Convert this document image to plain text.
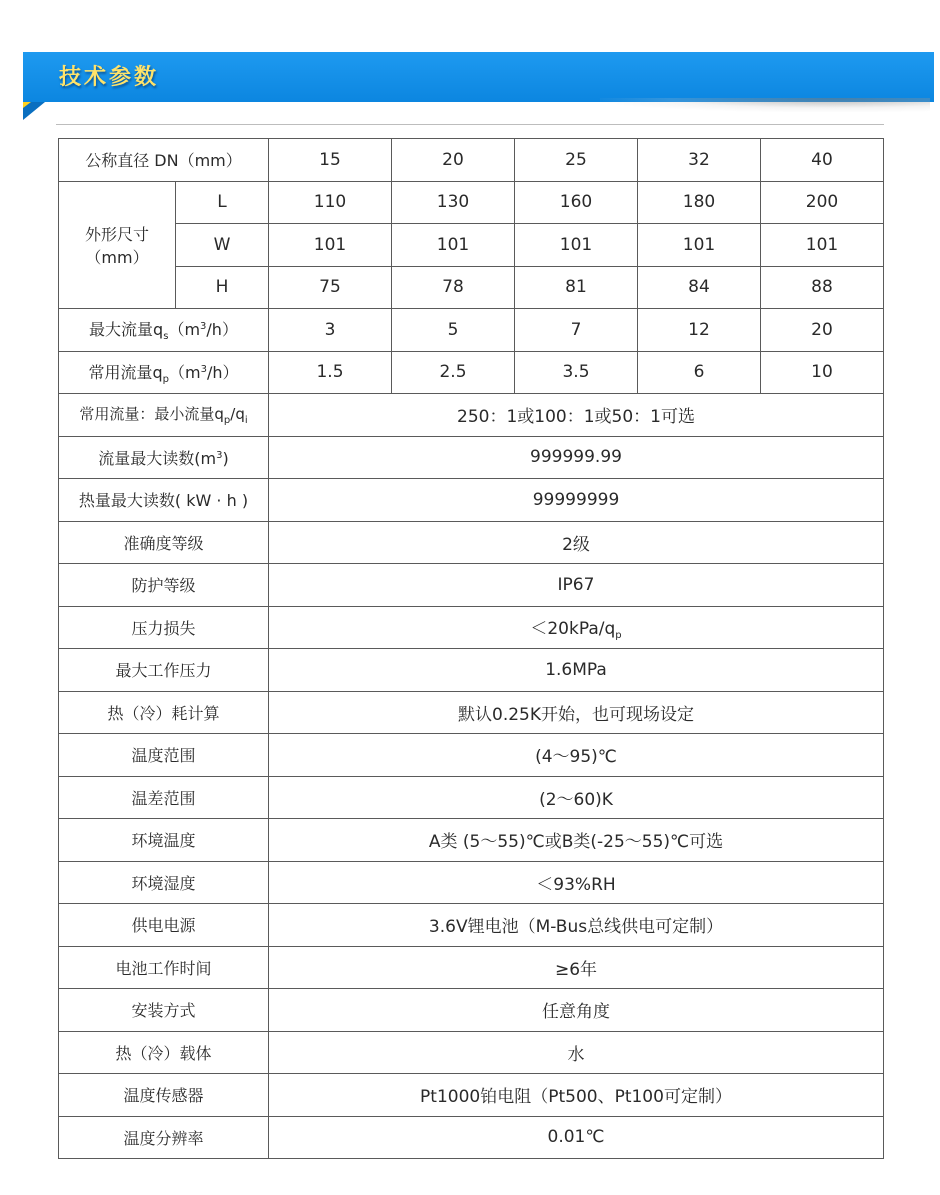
技术参数
公称直径 DN（mm）		15	20	25	32	40

外形尺寸
（mm）	L	110	130	160	180	200
	W	101	101	101	101	101
	H	75	78	81	84	88
最大流量$q_s(m^3/h)$		3	5	7	12	20
常用流量$q_p(m^3/h)$		1.5	2.5	3.5	6	10
常用流量：最小流量$q_p/q_i$		250：1或100：1或50：1可选				
流量最大读数$(m^3)$		999999.99				
热量最大读数( kW · h )		99999999				
准确度等级		2级				
防护等级		IP67				
压力损失		$<20kPa/q_p$
最大工作压力		1.6MPa				
热（冷）耗计算		默认0.25K开始，也可现场设定				
温度范围		(4～95)℃				
温差范围		(2～60)K				
环境温度		A类 (5～55)℃或B类(-25～55)℃可选				
环境湿度		＜93%RH				
供电电源		3.6V锂电池（M-Bus总线供电可定制）				
电池工作时间		≥6年				
安装方式		任意角度				
热（冷）载体		水				
温度传感器		Pt1000铂电阻（Pt500、Pt100可定制）				
温度分辨率		0.01℃				
